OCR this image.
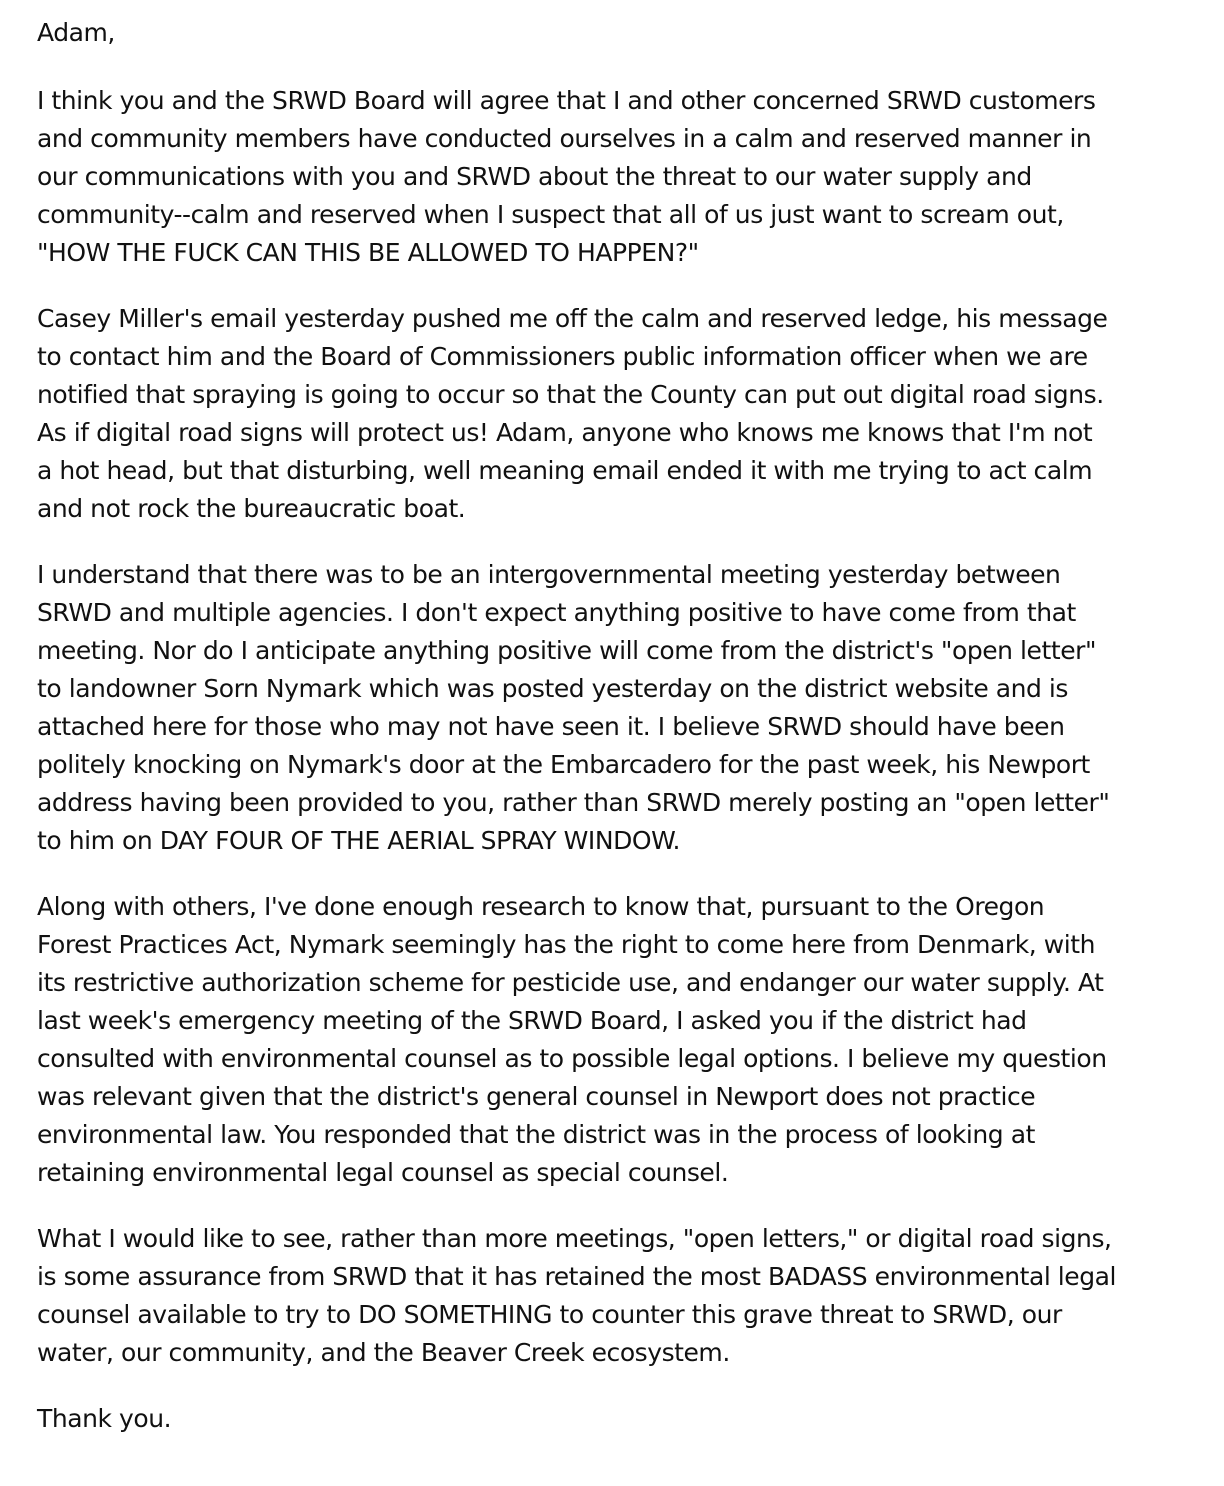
Adam,

I think you and the SRWD Board will agree that I and other concerned SRWD customers
and community members have conducted ourselves in a calm and reserved manner in
our communications with you and SRWD about the threat to our water supply and
community--calm and reserved when I suspect that all of us just want to scream out,
"HOW THE FUCK CAN THIS BE ALLOWED TO HAPPEN?"

Casey Miller's email yesterday pushed me off the calm and reserved ledge, his message
to contact him and the Board of Commissioners public information officer when we are
notified that spraying is going to occur so that the County can put out digital road signs.
As if digital road signs will protect us! Adam, anyone who knows me knows that I'm not
a hot head, but that disturbing, well meaning email ended it with me trying to act calm
and not rock the bureaucratic boat.

I understand that there was to be an intergovernmental meeting yesterday between
SRWD and multiple agencies. I don't expect anything positive to have come from that
meeting. Nor do I anticipate anything positive will come from the district's "open letter"
to landowner Sorn Nymark which was posted yesterday on the district website and is
attached here for those who may not have seen it. I believe SRWD should have been
politely knocking on Nymark's door at the Embarcadero for the past week, his Newport
address having been provided to you, rather than SRWD merely posting an "open letter"
to him on DAY FOUR OF THE AERIAL SPRAY WINDOW.

Along with others, I've done enough research to know that, pursuant to the Oregon
Forest Practices Act, Nymark seemingly has the right to come here from Denmark, with
its restrictive authorization scheme for pesticide use, and endanger our water supply. At
last week's emergency meeting of the SRWD Board, I asked you if the district had
consulted with environmental counsel as to possible legal options. I believe my question
was relevant given that the district's general counsel in Newport does not practice
environmental law. You responded that the district was in the process of looking at
retaining environmental legal counsel as special counsel.

What I would like to see, rather than more meetings, "open letters," or digital road signs,
is some assurance from SRWD that it has retained the most BADASS environmental legal
counsel available to try to DO SOMETHING to counter this grave threat to SRWD, our
water, our community, and the Beaver Creek ecosystem.

Thank you.
